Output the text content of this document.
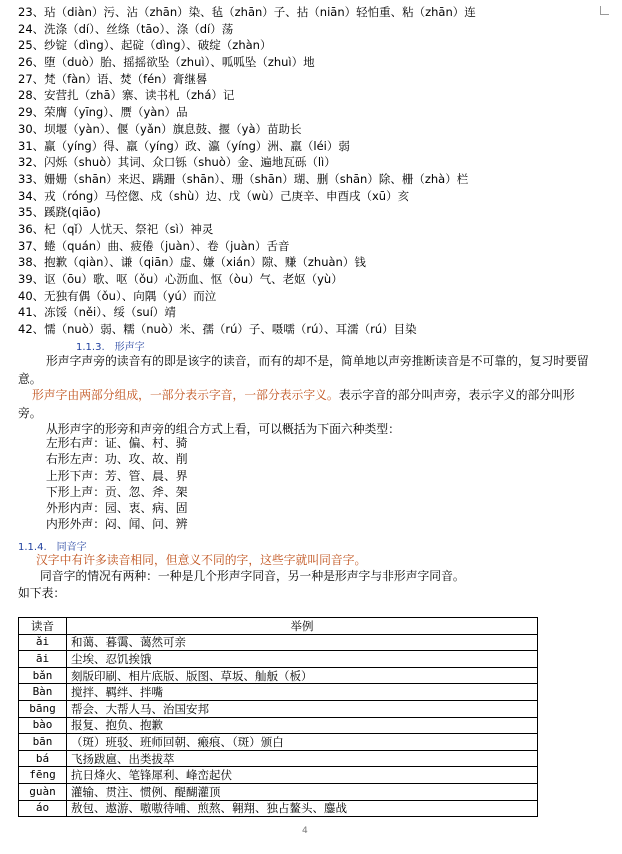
23、玷（diàn）污、沾（zhān）染、毡（zhān）子、拈（niān）轻怕重、粘（zhān）连
24、洗涤（dí）、丝绦（tāo）、涤（dí）荡
25、纱锭（dìng）、起碇（dìng）、破绽（zhàn）
26、堕（duò）胎、摇摇欲坠（zhuì）、呱呱坠（zhuì）地
27、梵（fàn）语、焚（fén）膏继晷
28、安营扎（zhā）寨、读书札（zhá）记
29、荣膺（yīng）、赝（yàn）品
30、坝堰（yàn）、偃（yǎn）旗息鼓、揠（yà）苗助长
31、赢（yíng）得、羸（yíng）政、瀛（yíng）洲、羸（léi）弱
32、闪烁（shuò）其词、众口铄（shuò）金、遍地瓦砾（lì）
33、姗姗（shān）来迟、蹒跚（shān）、珊（shān）瑚、删（shān）除、栅（zhà）栏
34、戎（róng）马倥偬、戍（shù）边、戊（wù）己庚辛、申酉戌（xū）亥
35、蹊跷(qiāo)
36、杞（qǐ）人忧天、祭祀（sì）神灵
37、蜷（quán）曲、疲倦（juàn）、卷（juàn）舌音
38、抱歉（qiàn）、谦（qiān）虚、嫌（xián）隙、赚（zhuàn）钱
39、讴（ōu）歌、呕（ǒu）心沥血、怄（òu）气、老妪（yù）
40、无独有偶（ǒu）、向隅（yú）而泣
41、冻馁（něi）、绥（suí）靖
42、懦（nuò）弱、糯（nuò）米、孺（rú）子、嗫嚅（rú）、耳濡（rú）目染
1.1.3. 形声字
形声字声旁的读音有的即是该字的读音，而有的却不是，简单地以声旁推断读音是不可靠的，复习时要留意。
形声字由两部分组成，一部分表示字音，一部分表示字义。表示字音的部分叫声旁，表示字义的部分叫形旁。
从形声字的形旁和声旁的组合方式上看，可以概括为下面六种类型：
左形右声：证、偏、村、骑
右形左声：功、攻、故、削
上形下声：芳、管、晨、界
下形上声：贡、忽、斧、架
外形内声：园、衷、病、固
内形外声：闷、闻、问、辨
1.1.4. 同音字
汉字中有许多读音相同，但意义不同的字，这些字就叫同音字。
同音字的情况有两种：一种是几个形声字同音，另一种是形声字与非形声字同音。
如下表：
读音	举例
ǎi	和蔼、暮霭、蔼然可亲
āi	尘埃、忍饥挨饿
bǎn	刻版印刷、相片底版、版图、草坂、舢舨（板）
Bàn	搅拌、羁绊、拌嘴
bāng	帮会、大帮人马、治国安邦
bào	报复、抱负、抱歉
bān	（斑）班驳、班师回朝、瘢痕、（斑）颁白
bá	飞扬跋扈、出类拔萃
fēng	抗日烽火、笔锋犀利、峰峦起伏
guàn	灌输、贯注、惯例、醍醐灌顶
áo	敖包、遨游、嗷嗷待哺、煎熬、翱翔、独占鳌头、鏖战
4
